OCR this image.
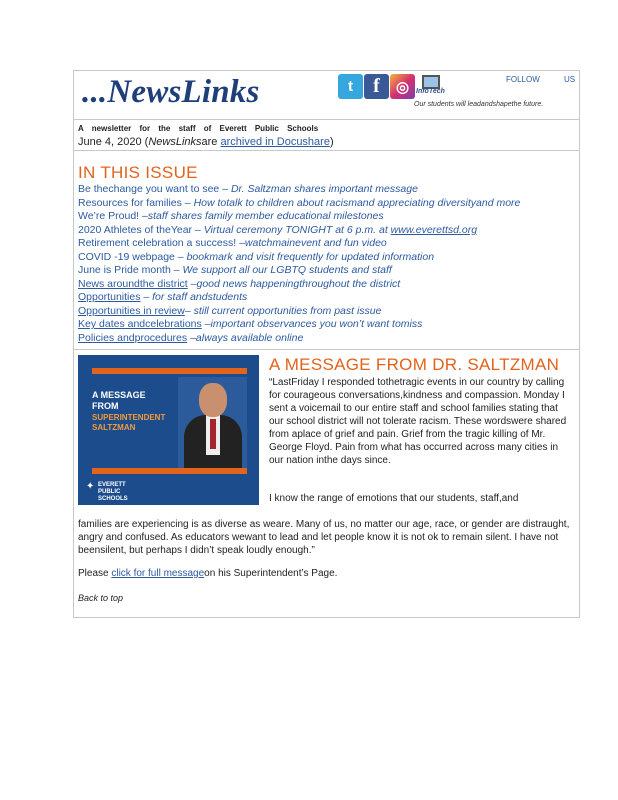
...NewsLinks	t f ◎ InfoTech
FOLLOW US
Our students will leadandshapethe future.
A newsletter for the staff of Everett Public Schools
June 4, 2020 (NewsLinksare archived in Docushare)
IN THIS ISSUE
Be thechange you want to see – Dr. Saltzman shares important message
Resources for families – How totalk to children about racismand appreciating diversityand more
We’re Proud! –staff shares family member educational milestones
2020 Athletes of theYear – Virtual ceremony TONIGHT at 6 p.m. at www.everettsd.org
Retirement celebration a success! –watchmainevent and fun video
COVID -19 webpage – bookmark and visit frequently for updated information
June is Pride month – We support all our LGBTQ students and staff
News aroundthe district –good news happeningthroughout the district
Opportunities – for staff andstudents
Opportunities in review– still current opportunities from past issue
Key dates andcelebrations –important observances you won’t want tomiss
Policies andprocedures –always available online
A MESSAGE
FROM
SUPERINTENDENT
SALTZMAN
✦ EVERETT
PUBLIC
SCHOOLS
A MESSAGE FROM DR. SALTZMAN
“LastFriday I responded tothetragic events in our country by calling for courageous conversations,kindness and compassion. Monday I sent a voicemail to our entire staff and school families stating that our school district will not tolerate racism. These wordswere shared from aplace of grief and pain. Grief from the tragic killing of Mr. George Floyd. Pain from what has occurred across many cities in our nation inthe days since.
I know the range of emotions that our students, staff,and
families are experiencing is as diverse as weare. Many of us, no matter our age, race, or gender are distraught, angry and confused. As educators wewant to lead and let people know it is not ok to remain silent. I have not beensilent, but perhaps I didn’t speak loudly enough.”
Please click for full messageon his Superintendent’s Page.
Back to top
